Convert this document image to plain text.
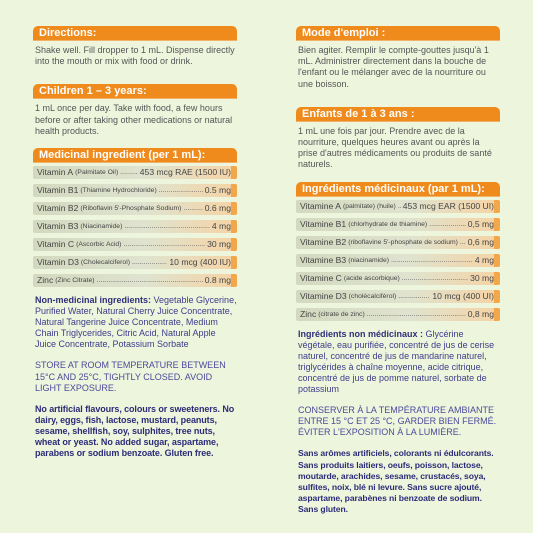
Directions:
Shake well. Fill dropper to 1 mL. Dispense directly into the mouth or mix with food or drink.
Children 1 – 3 years:
1 mL once per day. Take with food, a few hours before or after taking other medications or natural health products.
Medicinal ingredient (per 1 mL):
Vitamin A (Palmitate Oil) .....	453 mcg RAE (1500 IU)
Vitamin B1 (Thiamine Hydrochloride) .....	0.5 mg
Vitamin B2 (Riboflavin 5'-Phosphate Sodium) .....	0.6 mg
Vitamin B3 (Niacinamide) .....	4 mg
Vitamin C (Ascorbic Acid) .....	30 mg
Vitamin D3 (Cholecalciferol) .....	10 mcg (400 IU)
Zinc (Zinc Citrate) .....	0.8 mg
Non-medicinal ingredients: Vegetable Glycerine, Purified Water, Natural Cherry Juice Concentrate, Natural Tangerine Juice Concentrate, Medium Chain Triglycerides, Citric Acid, Natural Apple Juice Concentrate, Potassium Sorbate
STORE AT ROOM TEMPERATURE BETWEEN 15°C AND 25°C, TIGHTLY CLOSED. AVOID LIGHT EXPOSURE.
No artificial flavours, colours or sweeteners. No dairy, eggs, fish, lactose, mustard, peanuts, sesame, shellfish, soy, sulphites, tree nuts, wheat or yeast. No added sugar, aspartame, parabens or sodium benzoate. Gluten free.
Mode d'emploi :
Bien agiter. Remplir le compte-gouttes jusqu'à 1 mL. Administrer directement dans la bouche de l'enfant ou le mélanger avec de la nourriture ou une boisson.
Enfants de 1 à 3 ans :
1 mL une fois par jour. Prendre avec de la nourriture, quelques heures avant ou après la prise d'autres médicaments ou produits de santé naturels.
Ingrédients médicinaux (par 1 mL):
Vitamine A (palmitate) (huile) ..... 453 mcg EAR (1500 UI)
Vitamine B1 (chlorhydrate de thiamine) .....	0,5 mg
Vitamine B2 (riboflavine 5'-phosphate de sodium) ..... 0,6 mg
Vitamine B3 (niacinamide) .....	4 mg
Vitamine C (acide ascorbique) .....	30 mg
Vitamine D3 (cholécalciférol) .....	10 mcg (400 UI)
Zinc (citrate de zinc) .....	0,8 mg
Ingrédients non médicinaux : Glycérine végétale, eau purifiée, concentré de jus de cerise naturel, concentré de jus de mandarine naturel, triglycérides à chaîne moyenne, acide citrique, concentré de jus de pomme naturel, sorbate de potassium
CONSERVER À LA TEMPÉRATURE AMBIANTE ENTRE 15 °C ET 25 °C, GARDER BIEN FERMÉ. ÉVITER L'EXPOSITION À LA LUMIÈRE.
Sans arômes artificiels, colorants ni édulcorants. Sans produits laitiers, oeufs, poisson, lactose, moutarde, arachides, sesame, crustacés, soya, sulfites, noix, blé ni levure. Sans sucre ajouté, aspartame, parabènes ni benzoate de sodium. Sans gluten.
